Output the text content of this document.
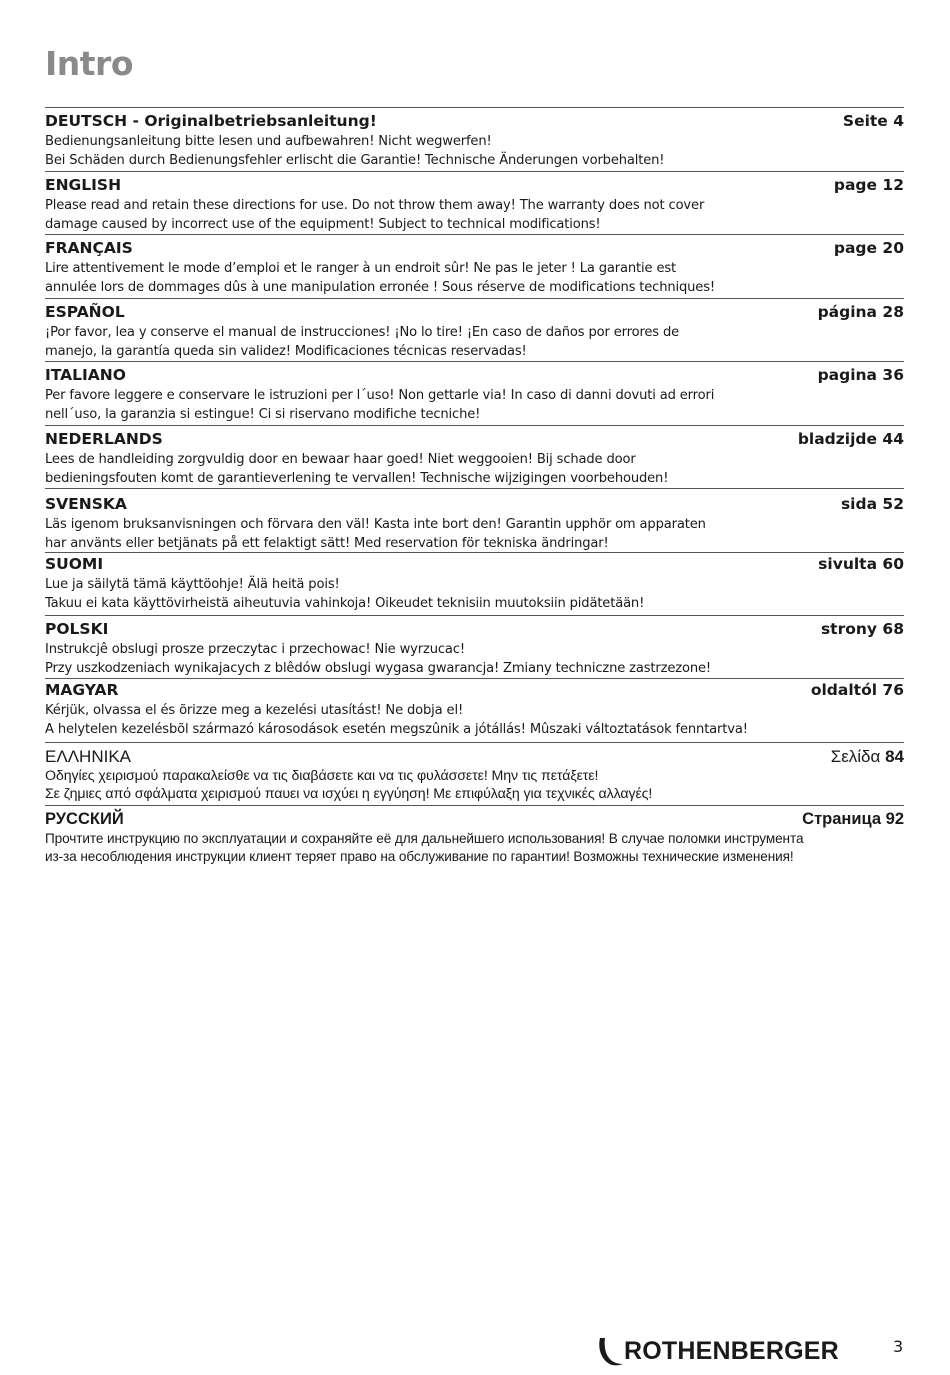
Intro
DEUTSCH - Originalbetriebsanleitung!	Seite 4

Bedienungsanleitung bitte lesen und aufbewahren! Nicht wegwerfen!
Bei Schäden durch Bedienungsfehler erlischt die Garantie! Technische Änderungen vorbehalten!

ENGLISH	page 12

Please read and retain these directions for use. Do not throw them away! The warranty does not cover
damage caused by incorrect use of the equipment! Subject to technical modifications!

FRANÇAIS	page 20

Lire attentivement le mode d’emploi et le ranger à un endroit sûr! Ne pas le jeter ! La garantie est
annulée lors de dommages dûs à une manipulation erronée ! Sous réserve de modifications techniques!

ESPAÑOL	página 28

¡Por favor, lea y conserve el manual de instrucciones! ¡No lo tire! ¡En caso de daños por errores de
manejo, la garantía queda sin validez! Modificaciones técnicas reservadas!

ITALIANO	pagina 36

Per favore leggere e conservare le istruzioni per l´uso! Non gettarle via! In caso di danni dovuti ad errori
nell´uso, la garanzia si estingue! Ci si riservano modifiche tecniche!

NEDERLANDS	bladzijde 44

Lees de handleiding zorgvuldig door en bewaar haar goed! Niet weggooien! Bij schade door
bedieningsfouten komt de garantieverlening te vervallen! Technische wijzigingen voorbehouden!

SVENSKA	sida 52

Läs igenom bruksanvisningen och förvara den väl! Kasta inte bort den! Garantin upphör om apparaten
har använts eller betjänats på ett felaktigt sätt! Med reservation för tekniska ändringar!

SUOMI	sivulta 60

Lue ja säilytä tämä käyttöohje! Älä heitä pois!
Takuu ei kata käyttövirheistä aiheutuvia vahinkoja! Oikeudet teknisiin muutoksiin pidätetään!

POLSKI	strony 68

Instrukcjê obslugi prosze przeczytac i przechowac! Nie wyrzucac!
Przy uszkodzeniach wynikajacych z blêdów obslugi wygasa gwarancja! Zmiany techniczne zastrzezone!

MAGYAR	oldaltól 76

Kérjük, olvassa el és õrizze meg a kezelési utasítást! Ne dobja el!
A helytelen kezelésbõl származó károsodások esetén megszûnik a jótállás! Mûszaki változtatások fenntartva!

ΕΛΛΗΝΙΚΑ	Σελίδα 84

Οδηγίες χειρισμού παρακαλείσθε να τις διαβάσετε και να τις φυλάσσετε! Μην τις πετάξετε!
Σε ζημιες από σφάλματα χειρισμού παυει να ισχύει η εγγύηση! Με επιφύλαξη για τεχνικές αλλαγές!

РУССКИЙ	Страница 92

Прочтите инструкцию по эксплуатации и сохраняйте её для дальнейшего использования! В случае поломки инструмента
из-за несоблюдения инструкции клиент теряет право на обслуживание по гарантии! Возможны технические изменения!

ROTHENBERGER	3
